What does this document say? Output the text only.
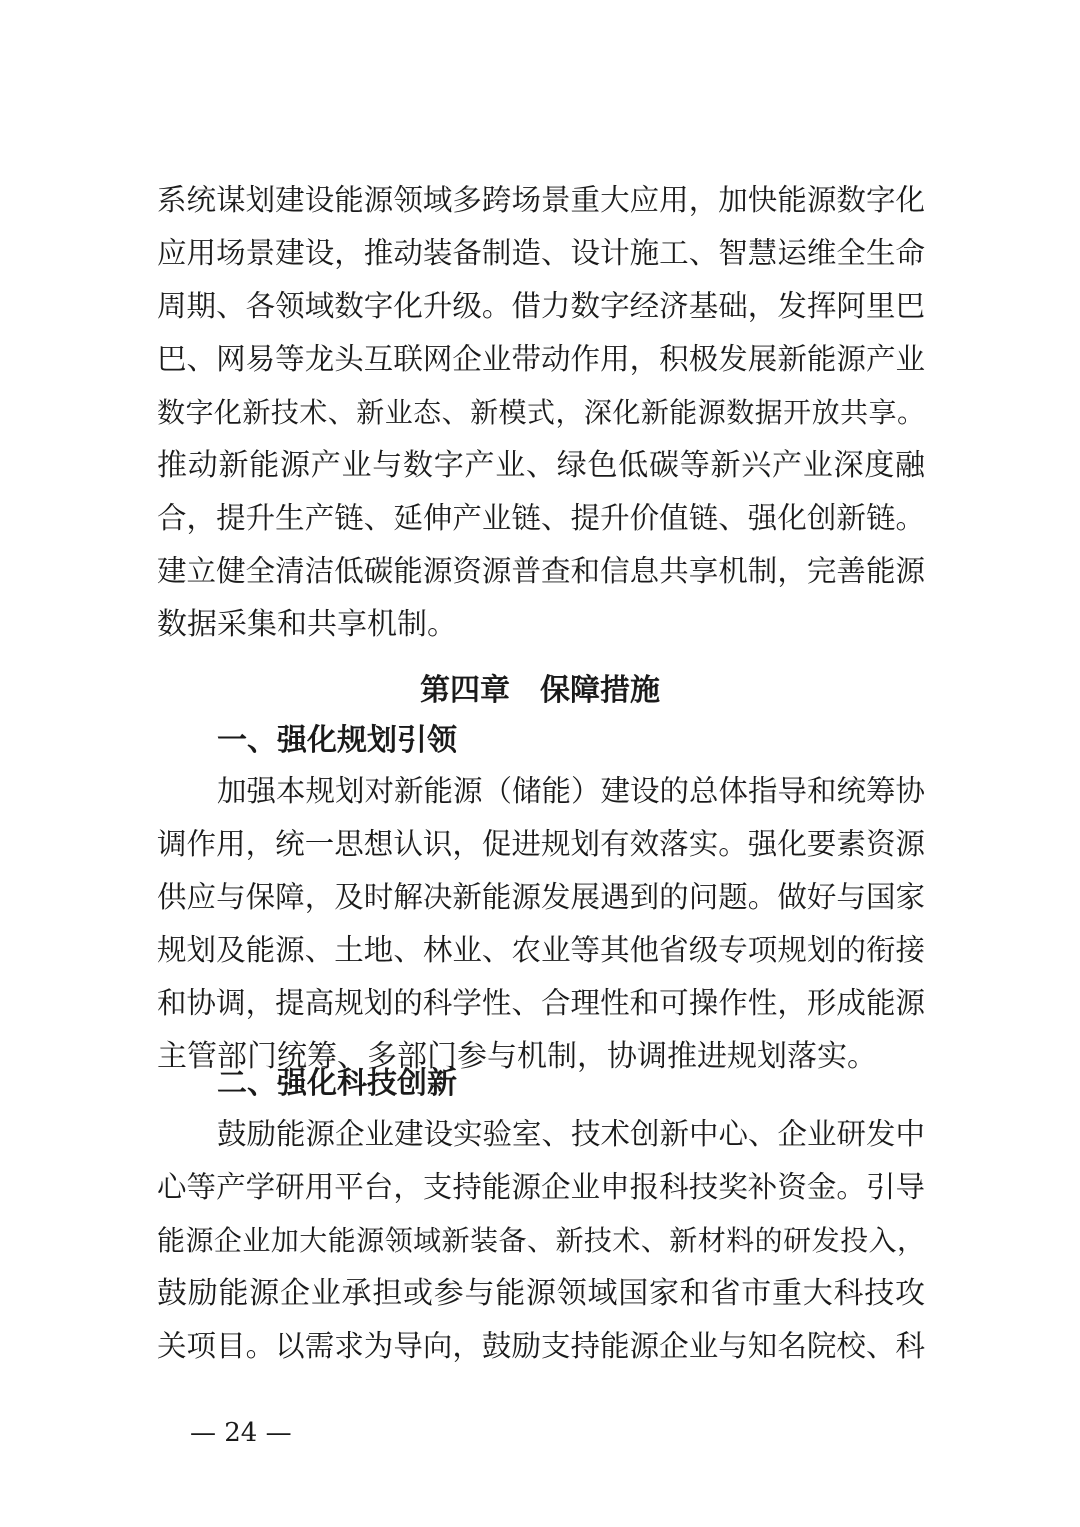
系统谋划建设能源领域多跨场景重大应用，加快能源数字化
应用场景建设，推动装备制造、设计施工、智慧运维全生命
周期、各领域数字化升级。借力数字经济基础，发挥阿里巴
巴、网易等龙头互联网企业带动作用，积极发展新能源产业
数字化新技术、新业态、新模式，深化新能源数据开放共享。
推动新能源产业与数字产业、绿色低碳等新兴产业深度融
合，提升生产链、延伸产业链、提升价值链、强化创新链。
建立健全清洁低碳能源资源普查和信息共享机制，完善能源
数据采集和共享机制。
第四章　保障措施
一、强化规划引领
加强本规划对新能源（储能）建设的总体指导和统筹协
调作用，统一思想认识，促进规划有效落实。强化要素资源
供应与保障，及时解决新能源发展遇到的问题。做好与国家
规划及能源、土地、林业、农业等其他省级专项规划的衔接
和协调，提高规划的科学性、合理性和可操作性，形成能源
主管部门统筹、多部门参与机制，协调推进规划落实。
二、强化科技创新
鼓励能源企业建设实验室、技术创新中心、企业研发中
心等产学研用平台，支持能源企业申报科技奖补资金。引导
能源企业加大能源领域新装备、新技术、新材料的研发投入，
鼓励能源企业承担或参与能源领域国家和省市重大科技攻
关项目。以需求为导向，鼓励支持能源企业与知名院校、科
— 24 —
